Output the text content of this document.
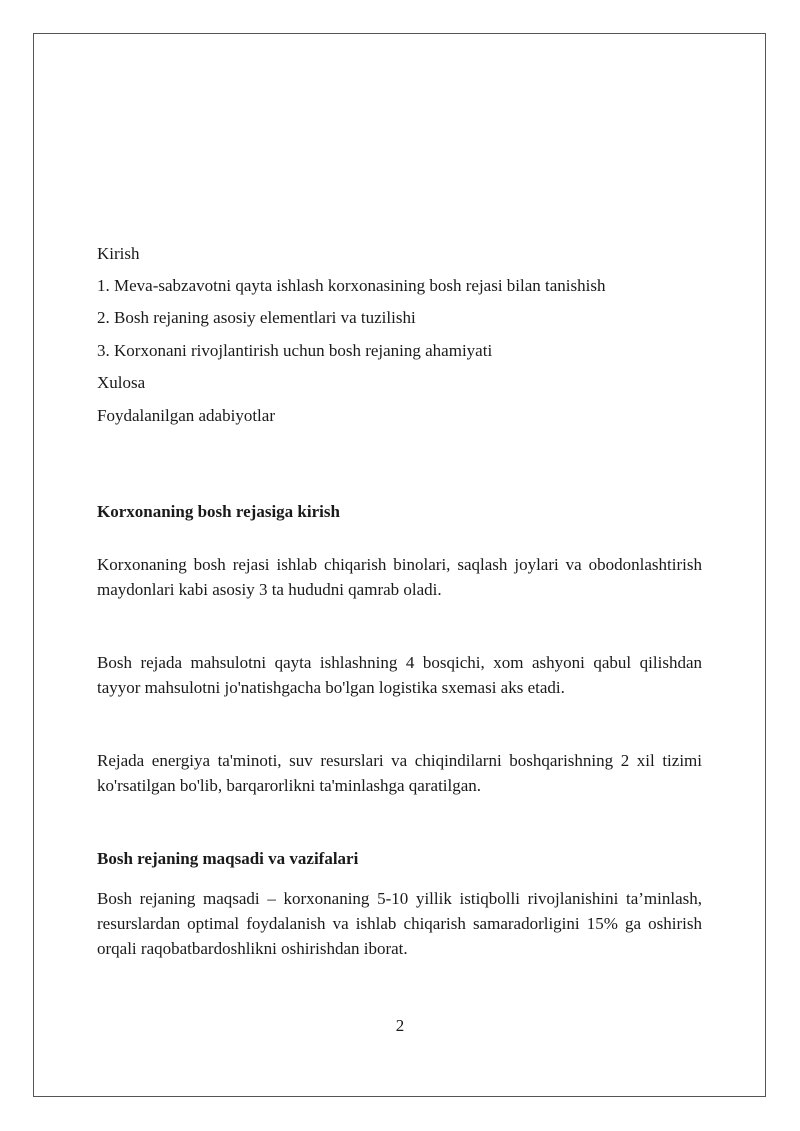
Kirish
1. Meva-sabzavotni qayta ishlash korxonasining bosh rejasi bilan tanishish
2. Bosh rejaning asosiy elementlari va tuzilishi
3. Korxonani rivojlantirish uchun bosh rejaning ahamiyati
Xulosa
Foydalanilgan adabiyotlar
Korxonaning bosh rejasiga kirish
Korxonaning bosh rejasi ishlab chiqarish binolari, saqlash joylari va obodonlashtirish maydonlari kabi asosiy 3 ta hududni qamrab oladi.
Bosh rejada mahsulotni qayta ishlashning 4 bosqichi, xom ashyoni qabul qilishdan tayyor mahsulotni jo'natishgacha bo'lgan logistika sxemasi aks etadi.
Rejada energiya ta'minoti, suv resurslari va chiqindilarni boshqarishning 2 xil tizimi ko'rsatilgan bo'lib, barqarorlikni ta'minlashga qaratilgan.
Bosh rejaning maqsadi va vazifalari
Bosh rejaning maqsadi – korxonaning 5-10 yillik istiqbolli rivojlanishini ta’minlash, resurslardan optimal foydalanish va ishlab chiqarish samaradorligini 15% ga oshirish orqali raqobatbardoshlikni oshirishdan iborat.
2
